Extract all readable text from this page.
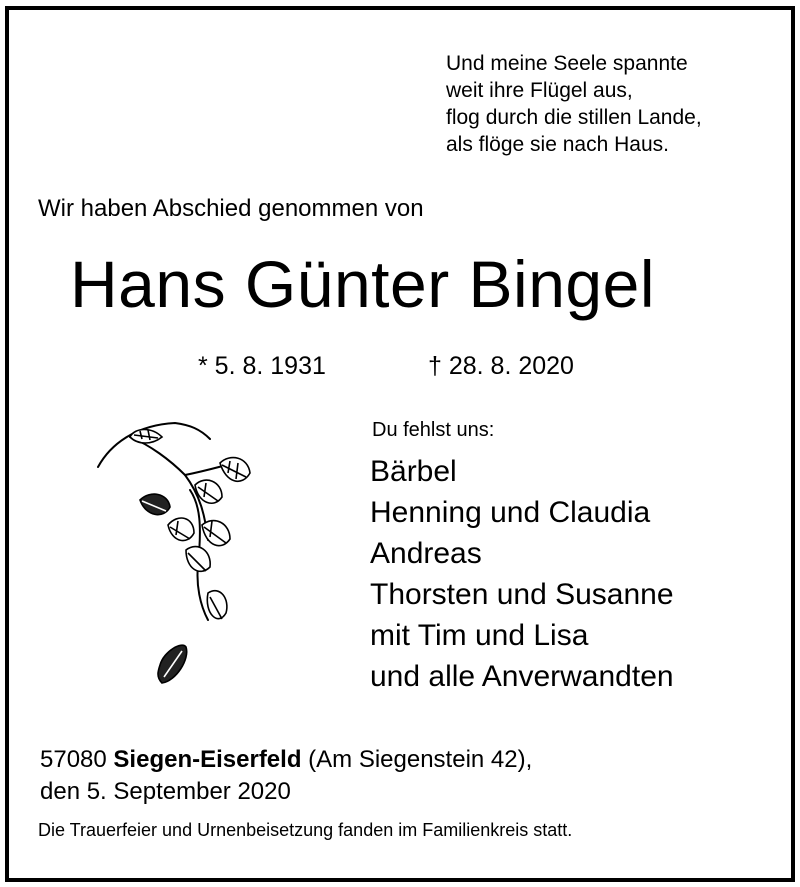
Und meine Seele spannte
weit ihre Flügel aus,
flog durch die stillen Lande,
als flöge sie nach Haus.
Wir haben Abschied genommen von
Hans Günter Bingel
* 5. 8. 1931	† 28. 8. 2020
Du fehlst uns:
Bärbel
Henning und Claudia
Andreas
Thorsten und Susanne
mit Tim und Lisa
und alle Anverwandten
57080 Siegen-Eiserfeld (Am Siegenstein 42),
den 5. September 2020
Die Trauerfeier und Urnenbeisetzung fanden im Familienkreis statt.
